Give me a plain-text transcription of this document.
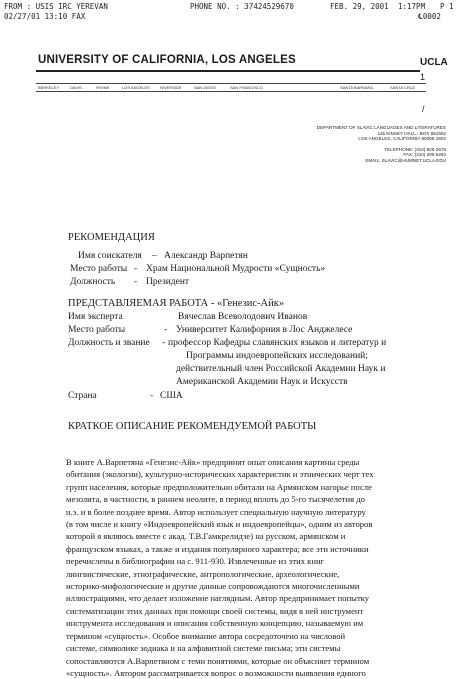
FROM : USIS IRC YEREVAN	PHONE NO. : 37424529670	FEB. 29, 2001 1:17PM P 1
02/27/01 13:10 FAX	℄0002
UNIVERSITY OF CALIFORNIA, LOS ANGELES	UCLA
BERKELEY	DAVIS	IRVINE	LOS ANGELES	RIVERSIDE	SAN DIEGO	SAN FRANCISCO	SANTA BARBARA	SANTA CRUZ
DEPARTMENT OF SLAVIC LANGUAGES AND LITERATURES
115 KINSEY HALL - BOX 951502
LOS ANGELES, CALIFORNIA 90095-1502
TELEPHONE: (310) 825-2676
FAX: (310) 206-5263
EMAIL: SLAVIC@HUMNET.UCLA.EDU
РЕКОМЕНДАЦИЯ
Имя соискателя – Александр Варпетян
Место работы - Храм Национальной Мудрости «Сущность»
Должность - Президент
ПРЕДСТАВЛЯЕМАЯ РАБОТА - «Генезис-Айк»
Имя эксперта	Вячеслав Всеволодович Иванов
Место работы	- Университет Калифорния в Лос Анджелесе
Должность и звание - профессор Кафедры славянских языков и литератур и
Программы индоевропейских исследований;
действительный член Российской Академии Наук и
Американской Академии Наук и Искусств
Страна	- США
КРАТКОЕ ОПИСАНИЕ РЕКОМЕНДУЕМОЙ РАБОТЫ
В книге А.Варпетяна «Генезис-Айк» предпринят опыт описания картины среды
обитания (экологии), культурно-исторических характеристик и этнических черт тех
групп населения, которые предположительно обитали на Армянском нагорье после
мезолита, в частности, в раннем неолите, в период вплоть до 5-го тысячелетия до
н.э. и в более позднее время. Автор использует специальную научную литературу
(в том числе и книгу «Индоевропейский язык и индоевропейцы», одним из авторов
которой я являюсь вместе с акад. Т.В.Гамкрелидзе) на русском, армянском и
французском языках, а также и издания популярного характера; все эти источники
перечислены в библиографии на с. 911-930. Извлеченные из этих книг
лингвистические, этнографические, антропологические, археологические,
историко-мифологические и другие данные сопровождаются многочисленными
иллюстрациями, что делает изложение наглядным. Автор предпринимает попытку
систематизации этих данных при помощи своей системы, видя в ней инструмент
инструмента исследования и описания собственную концепцию, называемую им
термином «сущность». Особое внимание автора сосредоточено на числовой
системе, символике зодиака и на алфавитной системе письма; эти системы
сопоставляются А.Варпетяном с теми понятиями, которые он объясняет термином
«сущность». Автором рассматривается вопрос о возможности выявления единого
1
/
